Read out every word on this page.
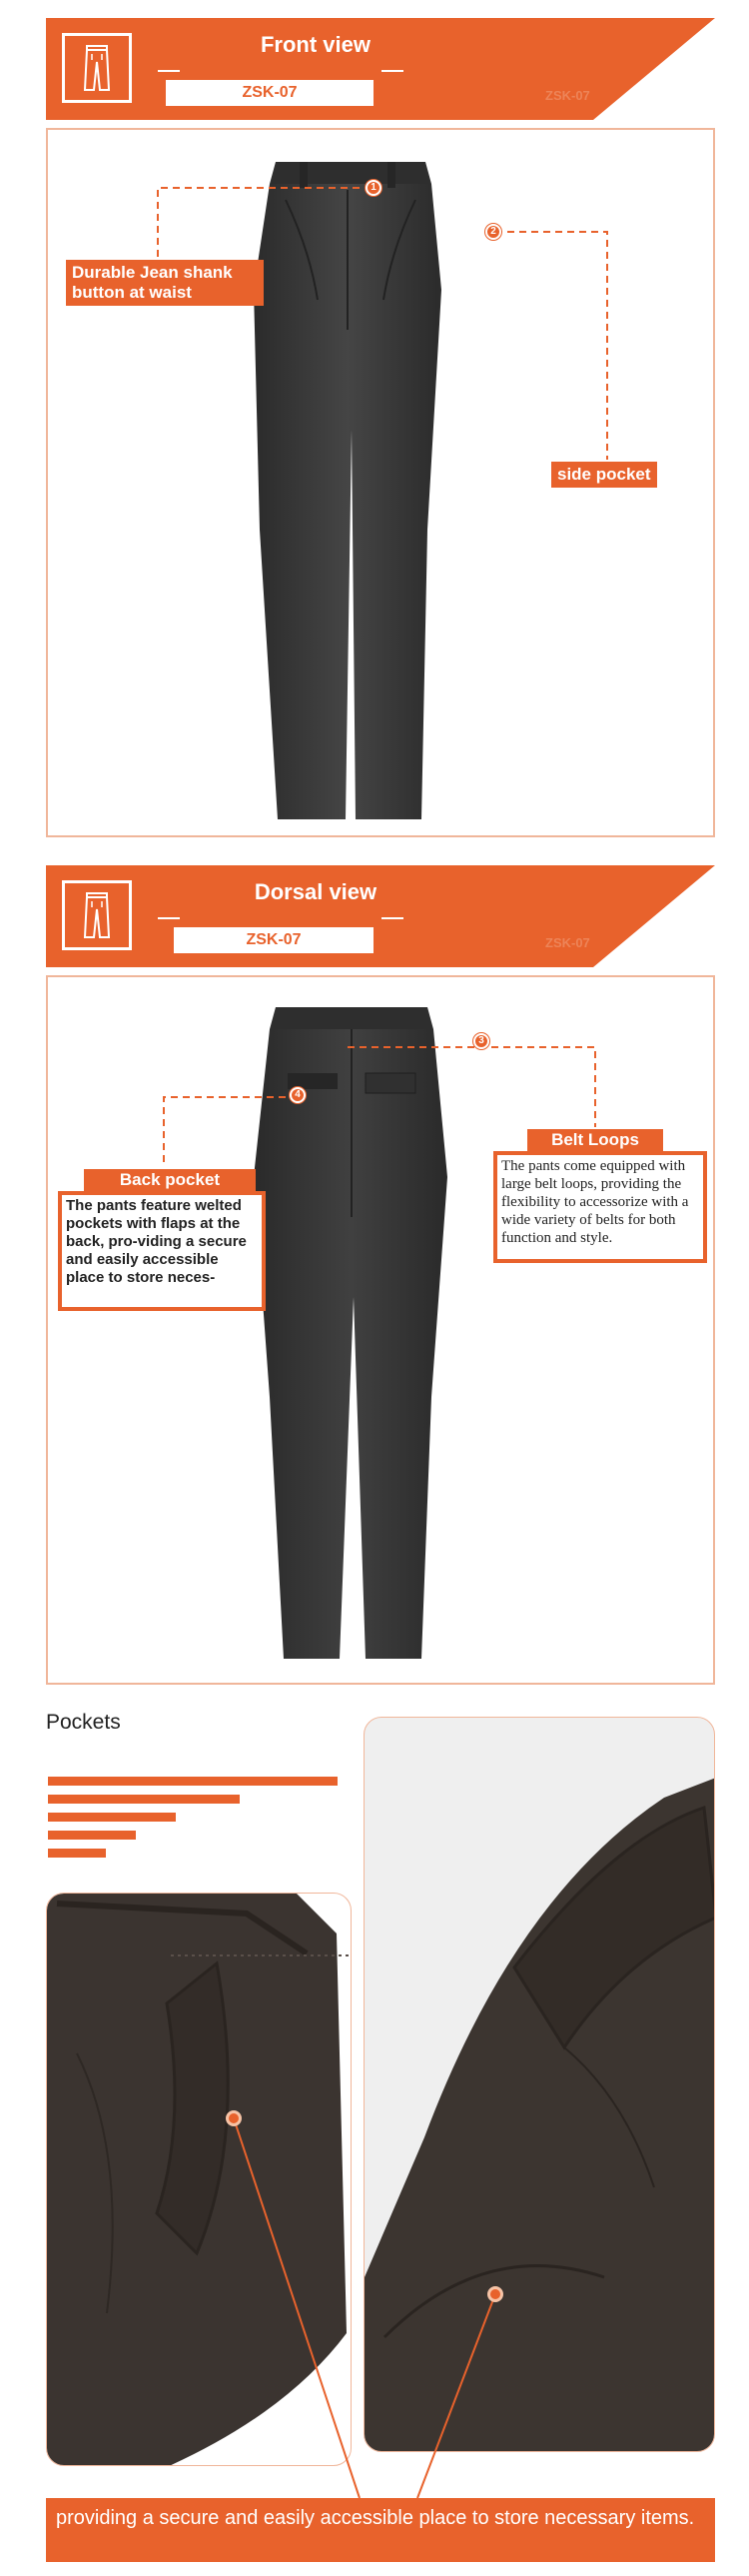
Front view
ZSK-07	ZSK-07
1
2
Durable Jean shank button at waist
side pocket
Dorsal view
ZSK-07	ZSK-07
3
4
Back pocket
The pants feature welted pockets with flaps at the back, pro-viding a secure and easily accessible place to store neces-
Belt Loops
The pants come equipped with large belt loops, providing the flexibility to accessorize with a wide variety of belts for both function and style.
Pockets
providing a secure and easily accessible place to store necessary items.
